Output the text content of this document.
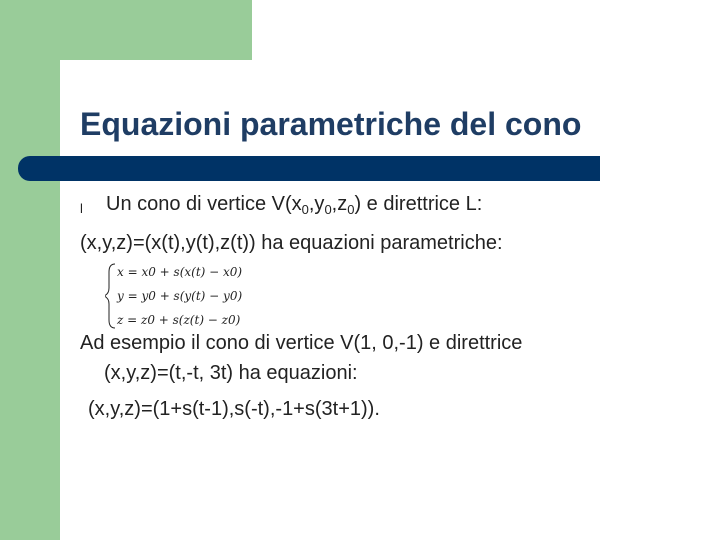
Equazioni parametriche del cono
l Un cono di vertice $V(x_0,y_0,z_0)$ e direttrice L:
(x,y,z)=(x(t),y(t),z(t)) ha equazioni parametriche:
x = x0 + s(x(t) − x0)
y = y0 + s(y(t) − y0)
z = z0 + s(z(t) − z0)
Ad esempio il cono di vertice V(1, 0,-1) e direttrice
(x,y,z)=(t,-t, 3t) ha equazioni:
(x,y,z)=(1+s(t-1),s(-t),-1+s(3t+1)).
